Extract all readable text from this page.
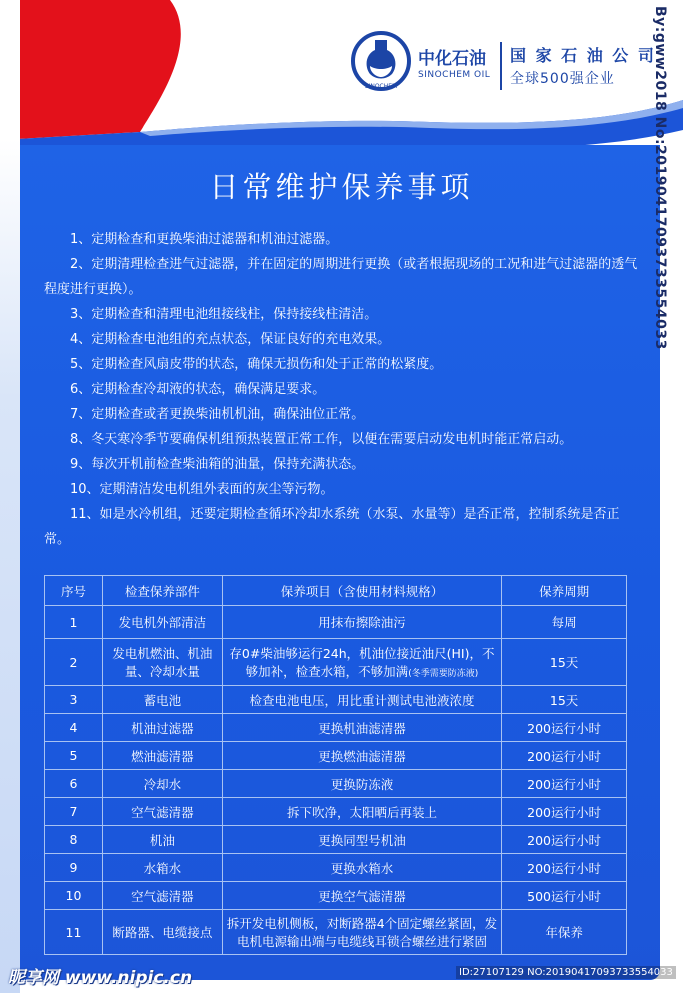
SINOCHEM
中化石油
SINOCHEM OIL
国 家 石 油 公 司
全球500强企业
日常维护保养事项

1、定期检查和更换柴油过滤器和机油过滤器。

2、定期清理检查进气过滤器，并在固定的周期进行更换（或者根据现场的工况和进气过滤器的透气程度进行更换）。

3、定期检查和清理电池组接线柱，保持接线柱清洁。

4、定期检查电池组的充点状态，保证良好的充电效果。

5、定期检查风扇皮带的状态，确保无损伤和处于正常的松紧度。

6、定期检查冷却液的状态，确保满足要求。

7、定期检查或者更换柴油机机油，确保油位正常。

8、冬天寒冷季节要确保机组预热装置正常工作，以便在需要启动发电机时能正常启动。

9、每次开机前检查柴油箱的油量，保持充满状态。

10、定期清洁发电机组外表面的灰尘等污物。

11、如是水冷机组，还要定期检查循环冷却水系统（水泵、水量等）是否正常，控制系统是否正常。

序号	检查保养部件	保养项目（含使用材料规格）	保养周期
1	发电机外部清洁	用抹布擦除油污	每周
2	发电机燃油、机油量、冷却水量	存0#柴油够运行24h，机油位接近油尺(HI)，不够加补，检查水箱，不够加满(冬季需要防冻液)	15天
3	蓄电池	检查电池电压，用比重计测试电池液浓度	15天
4	机油过滤器	更换机油滤清器	200运行小时
5	燃油滤清器	更换燃油滤清器	200运行小时
6	冷却水	更换防冻液	200运行小时
7	空气滤清器	拆下吹净，太阳晒后再装上	200运行小时
8	机油	更换同型号机油	200运行小时
9	水箱水	更换水箱水	200运行小时
10	空气滤清器	更换空气滤清器	500运行小时
11	断路器、电缆接点	拆开发电机侧板，对断路器4个固定螺丝紧固，发电机电源输出端与电缆线耳锁合螺丝进行紧固	年保养
By:gww2018 No:20190417093733554033
昵享网 www.nipic.cn	ID:27107129 NO:20190417093733554033
